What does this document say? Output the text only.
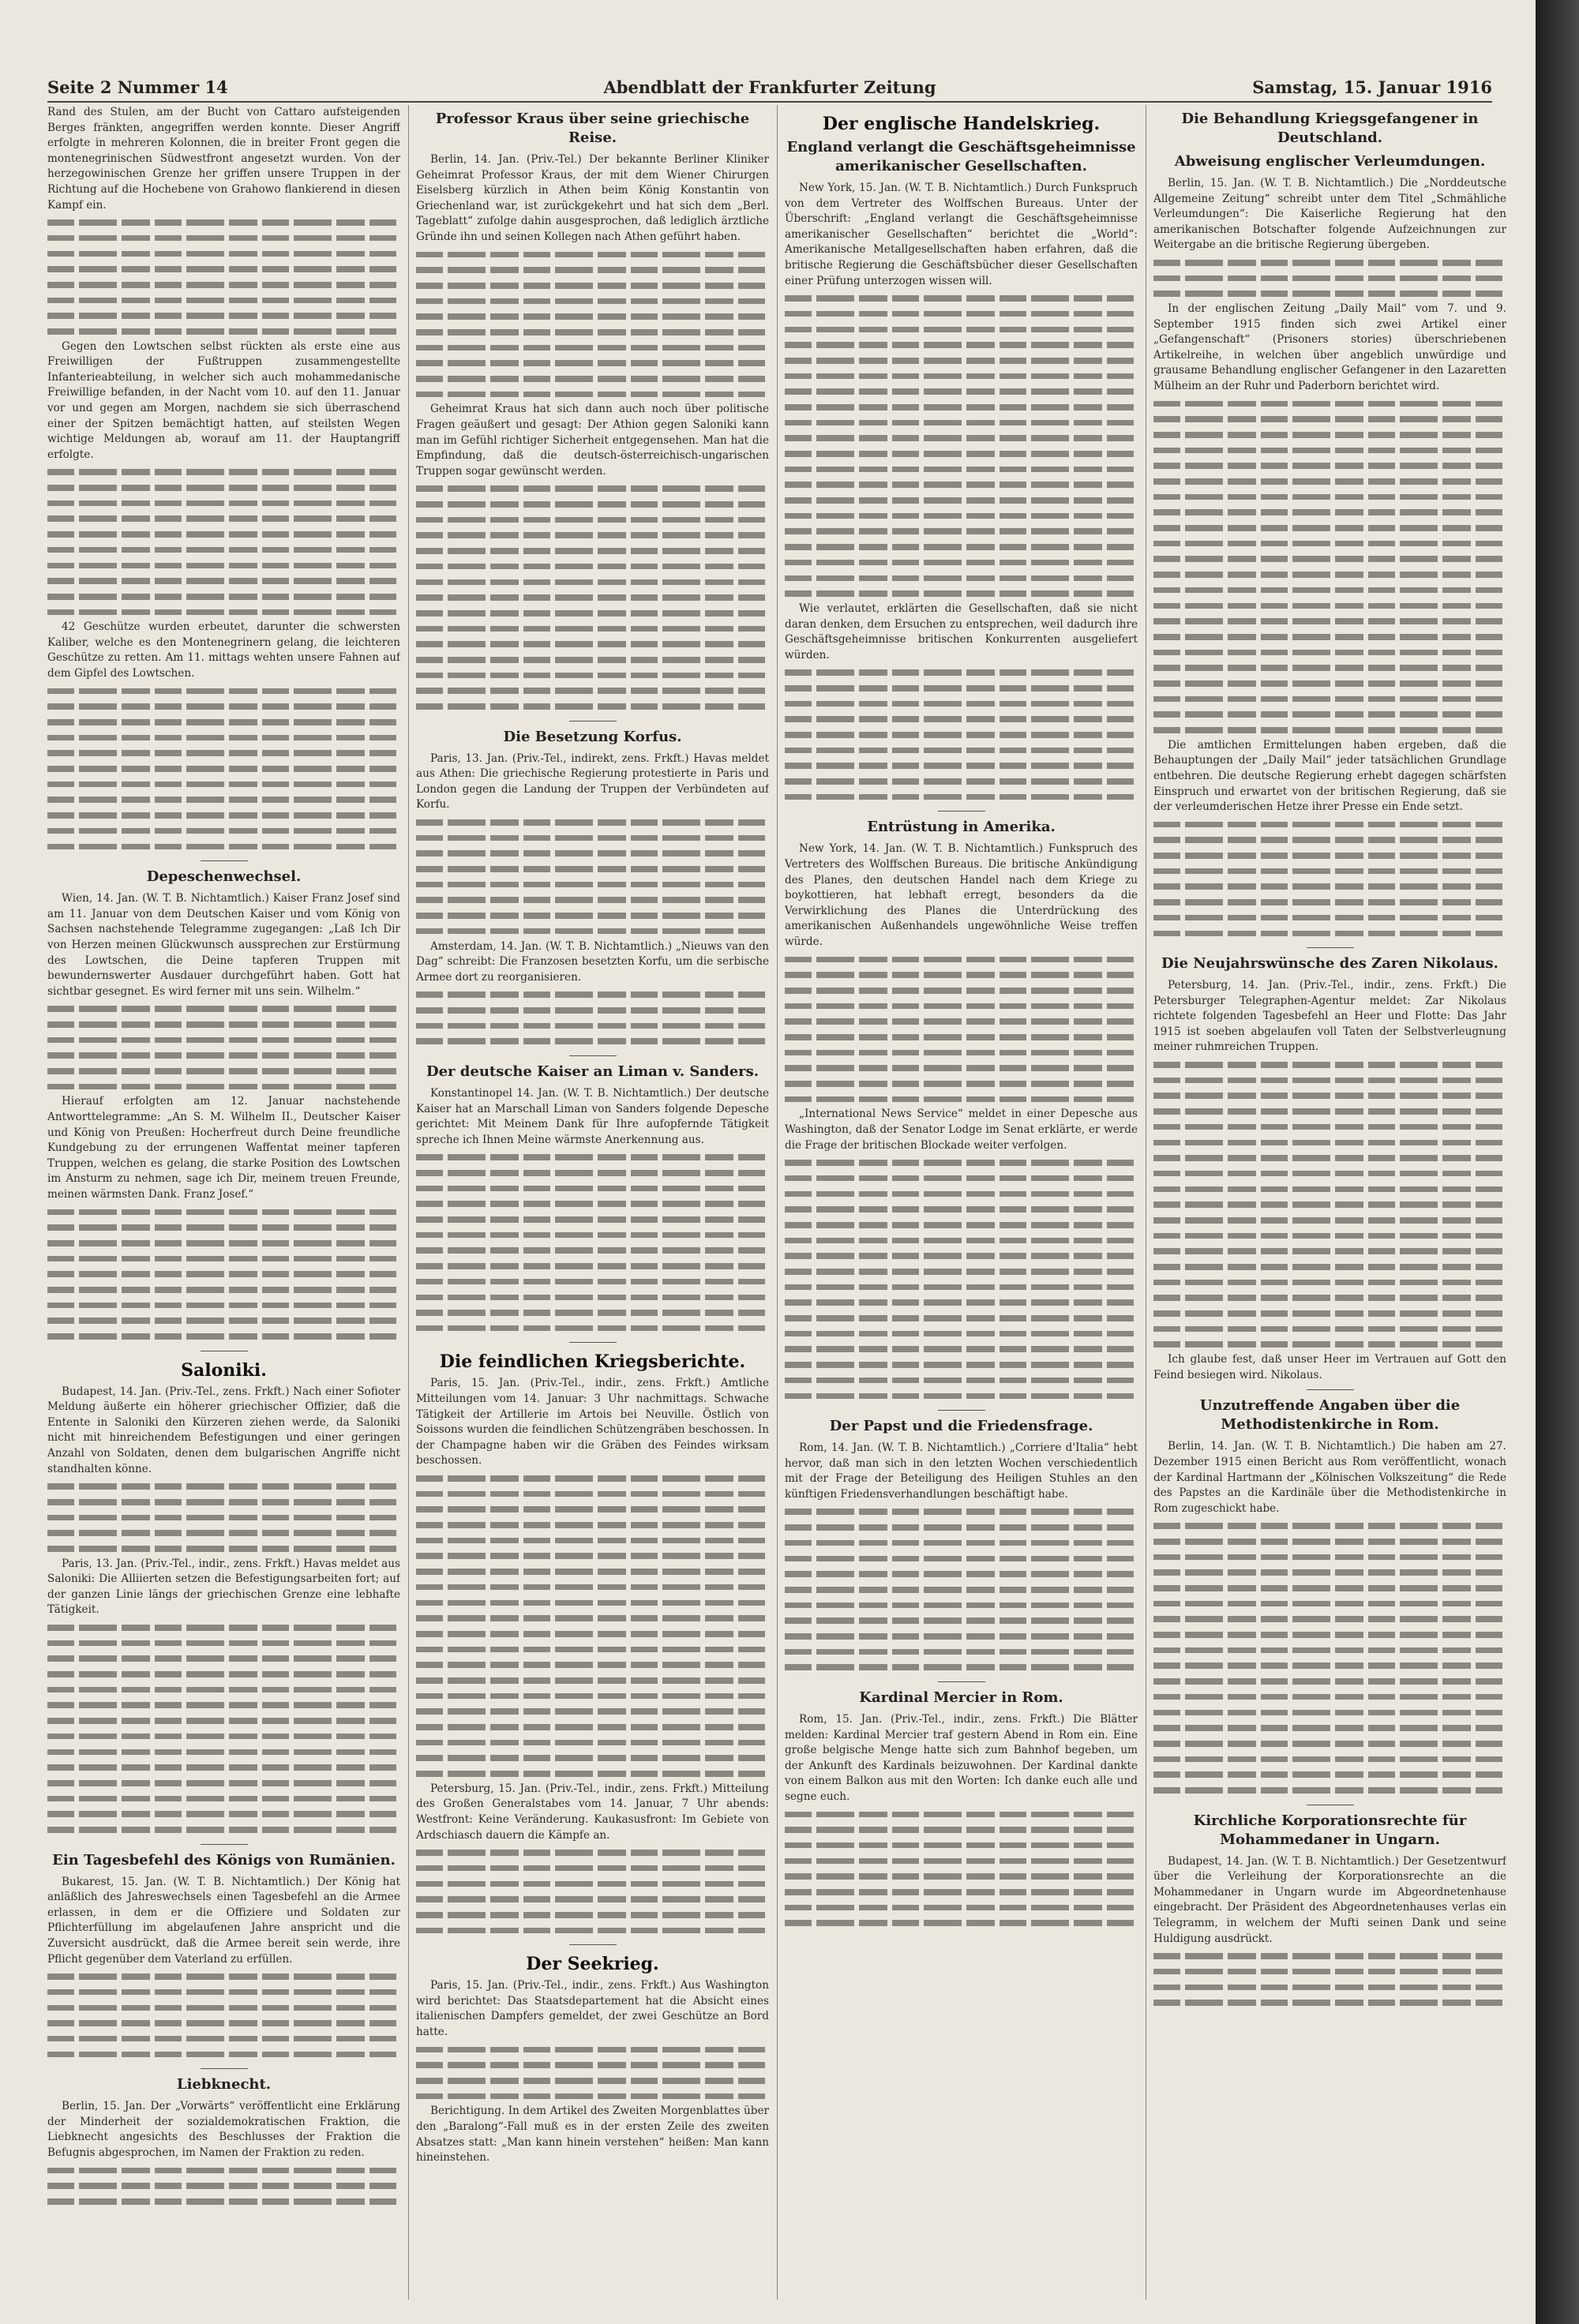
Seite 2 Nummer 14	Abendblatt der Frankfurter Zeitung	Samstag, 15. Januar 1916

Rand des Stulen, am der Bucht von Cattaro aufsteigenden Berges fränkten, angegriffen werden konnte. Dieser Angriff erfolgte in mehreren Kolonnen, die in breiter Front gegen die montenegrinischen Südwestfront angesetzt wurden. Von der herzegowinischen Grenze her griffen unsere Truppen in der Richtung auf die Hochebene von Grahowo flankierend in diesen Kampf ein.

Gegen den Lowtschen selbst rückten als erste eine aus Freiwilligen der Fußtruppen zusammengestellte Infanterieabteilung, in welcher sich auch mohammedanische Freiwillige befanden, in der Nacht vom 10. auf den 11. Januar vor und gegen am Morgen, nachdem sie sich überraschend einer der Spitzen bemächtigt hatten, auf steilsten Wegen wichtige Meldungen ab, worauf am 11. der Hauptangriff erfolgte.

42 Geschütze wurden erbeutet, darunter die schwersten Kaliber, welche es den Montenegrinern gelang, die leichteren Geschütze zu retten. Am 11. mittags wehten unsere Fahnen auf dem Gipfel des Lowtschen.

Depeschenwechsel.

Wien, 14. Jan. (W. T. B. Nichtamtlich.) Kaiser Franz Josef sind am 11. Januar von dem Deutschen Kaiser und vom König von Sachsen nachstehende Telegramme zugegangen: „Laß Ich Dir von Herzen meinen Glückwunsch aussprechen zur Erstürmung des Lowtschen, die Deine tapferen Truppen mit bewundernswerter Ausdauer durchgeführt haben. Gott hat sichtbar gesegnet. Es wird ferner mit uns sein. Wilhelm.“

Hierauf erfolgten am 12. Januar nachstehende Antworttelegramme: „An S. M. Wilhelm II., Deutscher Kaiser und König von Preußen: Hocherfreut durch Deine freundliche Kundgebung zu der errungenen Waffentat meiner tapferen Truppen, welchen es gelang, die starke Position des Lowtschen im Ansturm zu nehmen, sage ich Dir, meinem treuen Freunde, meinen wärmsten Dank. Franz Josef.“

Saloniki.

Budapest, 14. Jan. (Priv.-Tel., zens. Frkft.) Nach einer Sofioter Meldung äußerte ein höherer griechischer Offizier, daß die Entente in Saloniki den Kürzeren ziehen werde, da Saloniki nicht mit hinreichendem Befestigungen und einer geringen Anzahl von Soldaten, denen dem bulgarischen Angriffe nicht standhalten könne.

Paris, 13. Jan. (Priv.-Tel., indir., zens. Frkft.) Havas meldet aus Saloniki: Die Alliierten setzen die Befestigungsarbeiten fort; auf der ganzen Linie längs der griechischen Grenze eine lebhafte Tätigkeit.

Ein Tagesbefehl des Königs von Rumänien.

Bukarest, 15. Jan. (W. T. B. Nichtamtlich.) Der König hat anläßlich des Jahreswechsels einen Tagesbefehl an die Armee erlassen, in dem er die Offiziere und Soldaten zur Pflichterfüllung im abgelaufenen Jahre anspricht und die Zuversicht ausdrückt, daß die Armee bereit sein werde, ihre Pflicht gegenüber dem Vaterland zu erfüllen.

Liebknecht.

Berlin, 15. Jan. Der „Vorwärts“ veröffentlicht eine Erklärung der Minderheit der sozialdemokratischen Fraktion, die Liebknecht angesichts des Beschlusses der Fraktion die Befugnis abgesprochen, im Namen der Fraktion zu reden.

Professor Kraus über seine griechische Reise.

Berlin, 14. Jan. (Priv.-Tel.) Der bekannte Berliner Kliniker Geheimrat Professor Kraus, der mit dem Wiener Chirurgen Eiselsberg kürzlich in Athen beim König Konstantin von Griechenland war, ist zurückgekehrt und hat sich dem „Berl. Tageblatt“ zufolge dahin ausgesprochen, daß lediglich ärztliche Gründe ihn und seinen Kollegen nach Athen geführt haben.

Geheimrat Kraus hat sich dann auch noch über politische Fragen geäußert und gesagt: Der Athion gegen Saloniki kann man im Gefühl richtiger Sicherheit entgegensehen. Man hat die Empfindung, daß die deutsch-österreichisch-ungarischen Truppen sogar gewünscht werden.

Die Besetzung Korfus.

Paris, 13. Jan. (Priv.-Tel., indirekt, zens. Frkft.) Havas meldet aus Athen: Die griechische Regierung protestierte in Paris und London gegen die Landung der Truppen der Verbündeten auf Korfu.

Amsterdam, 14. Jan. (W. T. B. Nichtamtlich.) „Nieuws van den Dag“ schreibt: Die Franzosen besetzten Korfu, um die serbische Armee dort zu reorganisieren.

Der deutsche Kaiser an Liman v. Sanders.

Konstantinopel 14. Jan. (W. T. B. Nichtamtlich.) Der deutsche Kaiser hat an Marschall Liman von Sanders folgende Depesche gerichtet: Mit Meinem Dank für Ihre aufopfernde Tätigkeit spreche ich Ihnen Meine wärmste Anerkennung aus.

Die feindlichen Kriegsberichte.

Paris, 15. Jan. (Priv.-Tel., indir., zens. Frkft.) Amtliche Mitteilungen vom 14. Januar: 3 Uhr nachmittags. Schwache Tätigkeit der Artillerie im Artois bei Neuville. Östlich von Soissons wurden die feindlichen Schützengräben beschossen. In der Champagne haben wir die Gräben des Feindes wirksam beschossen.

Petersburg, 15. Jan. (Priv.-Tel., indir., zens. Frkft.) Mitteilung des Großen Generalstabes vom 14. Januar, 7 Uhr abends: Westfront: Keine Veränderung. Kaukasusfront: Im Gebiete von Ardschiasch dauern die Kämpfe an.

Der Seekrieg.

Paris, 15. Jan. (Priv.-Tel., indir., zens. Frkft.) Aus Washington wird berichtet: Das Staatsdepartement hat die Absicht eines italienischen Dampfers gemeldet, der zwei Geschütze an Bord hatte.

Berichtigung. In dem Artikel des Zweiten Morgenblattes über den „Baralong“-Fall muß es in der ersten Zeile des zweiten Absatzes statt: „Man kann hinein verstehen“ heißen: Man kann hineinstehen.

Der englische Handelskrieg.
England verlangt die Geschäftsgeheimnisse amerikanischer Gesellschaften.

New York, 15. Jan. (W. T. B. Nichtamtlich.) Durch Funkspruch von dem Vertreter des Wolffschen Bureaus. Unter der Überschrift: „England verlangt die Geschäftsgeheimnisse amerikanischer Gesellschaften“ berichtet die „World“: Amerikanische Metallgesellschaften haben erfahren, daß die britische Regierung die Geschäftsbücher dieser Gesellschaften einer Prüfung unterzogen wissen will.

Wie verlautet, erklärten die Gesellschaften, daß sie nicht daran denken, dem Ersuchen zu entsprechen, weil dadurch ihre Geschäftsgeheimnisse britischen Konkurrenten ausgeliefert würden.

Entrüstung in Amerika.

New York, 14. Jan. (W. T. B. Nichtamtlich.) Funkspruch des Vertreters des Wolffschen Bureaus. Die britische Ankündigung des Planes, den deutschen Handel nach dem Kriege zu boykottieren, hat lebhaft erregt, besonders da die Verwirklichung des Planes die Unterdrückung des amerikanischen Außenhandels ungewöhnliche Weise treffen würde.

„International News Service“ meldet in einer Depesche aus Washington, daß der Senator Lodge im Senat erklärte, er werde die Frage der britischen Blockade weiter verfolgen.

Der Papst und die Friedensfrage.

Rom, 14. Jan. (W. T. B. Nichtamtlich.) „Corriere d'Italia“ hebt hervor, daß man sich in den letzten Wochen verschiedentlich mit der Frage der Beteiligung des Heiligen Stuhles an den künftigen Friedensverhandlungen beschäftigt habe.

Kardinal Mercier in Rom.

Rom, 15. Jan. (Priv.-Tel., indir., zens. Frkft.) Die Blätter melden: Kardinal Mercier traf gestern Abend in Rom ein. Eine große belgische Menge hatte sich zum Bahnhof begeben, um der Ankunft des Kardinals beizuwohnen. Der Kardinal dankte von einem Balkon aus mit den Worten: Ich danke euch alle und segne euch.

Die Behandlung Kriegsgefangener in Deutschland.
Abweisung englischer Verleumdungen.

Berlin, 15. Jan. (W. T. B. Nichtamtlich.) Die „Norddeutsche Allgemeine Zeitung“ schreibt unter dem Titel „Schmähliche Verleumdungen“: Die Kaiserliche Regierung hat den amerikanischen Botschafter folgende Aufzeichnungen zur Weitergabe an die britische Regierung übergeben.

In der englischen Zeitung „Daily Mail“ vom 7. und 9. September 1915 finden sich zwei Artikel einer „Gefangenschaft“ (Prisoners stories) überschriebenen Artikelreihe, in welchen über angeblich unwürdige und grausame Behandlung englischer Gefangener in den Lazaretten Mülheim an der Ruhr und Paderborn berichtet wird.

Die amtlichen Ermittelungen haben ergeben, daß die Behauptungen der „Daily Mail“ jeder tatsächlichen Grundlage entbehren. Die deutsche Regierung erhebt dagegen schärfsten Einspruch und erwartet von der britischen Regierung, daß sie der verleumderischen Hetze ihrer Presse ein Ende setzt.

Die Neujahrswünsche des Zaren Nikolaus.

Petersburg, 14. Jan. (Priv.-Tel., indir., zens. Frkft.) Die Petersburger Telegraphen-Agentur meldet: Zar Nikolaus richtete folgenden Tagesbefehl an Heer und Flotte: Das Jahr 1915 ist soeben abgelaufen voll Taten der Selbstverleugnung meiner ruhmreichen Truppen.

Ich glaube fest, daß unser Heer im Vertrauen auf Gott den Feind besiegen wird. Nikolaus.

Unzutreffende Angaben über die Methodistenkirche in Rom.

Berlin, 14. Jan. (W. T. B. Nichtamtlich.) Die haben am 27. Dezember 1915 einen Bericht aus Rom veröffentlicht, wonach der Kardinal Hartmann der „Kölnischen Volkszeitung“ die Rede des Papstes an die Kardinäle über die Methodistenkirche in Rom zugeschickt habe.

Kirchliche Korporationsrechte für Mohammedaner in Ungarn.

Budapest, 14. Jan. (W. T. B. Nichtamtlich.) Der Gesetzentwurf über die Verleihung der Korporationsrechte an die Mohammedaner in Ungarn wurde im Abgeordnetenhause eingebracht. Der Präsident des Abgeordnetenhauses verlas ein Telegramm, in welchem der Mufti seinen Dank und seine Huldigung ausdrückt.
